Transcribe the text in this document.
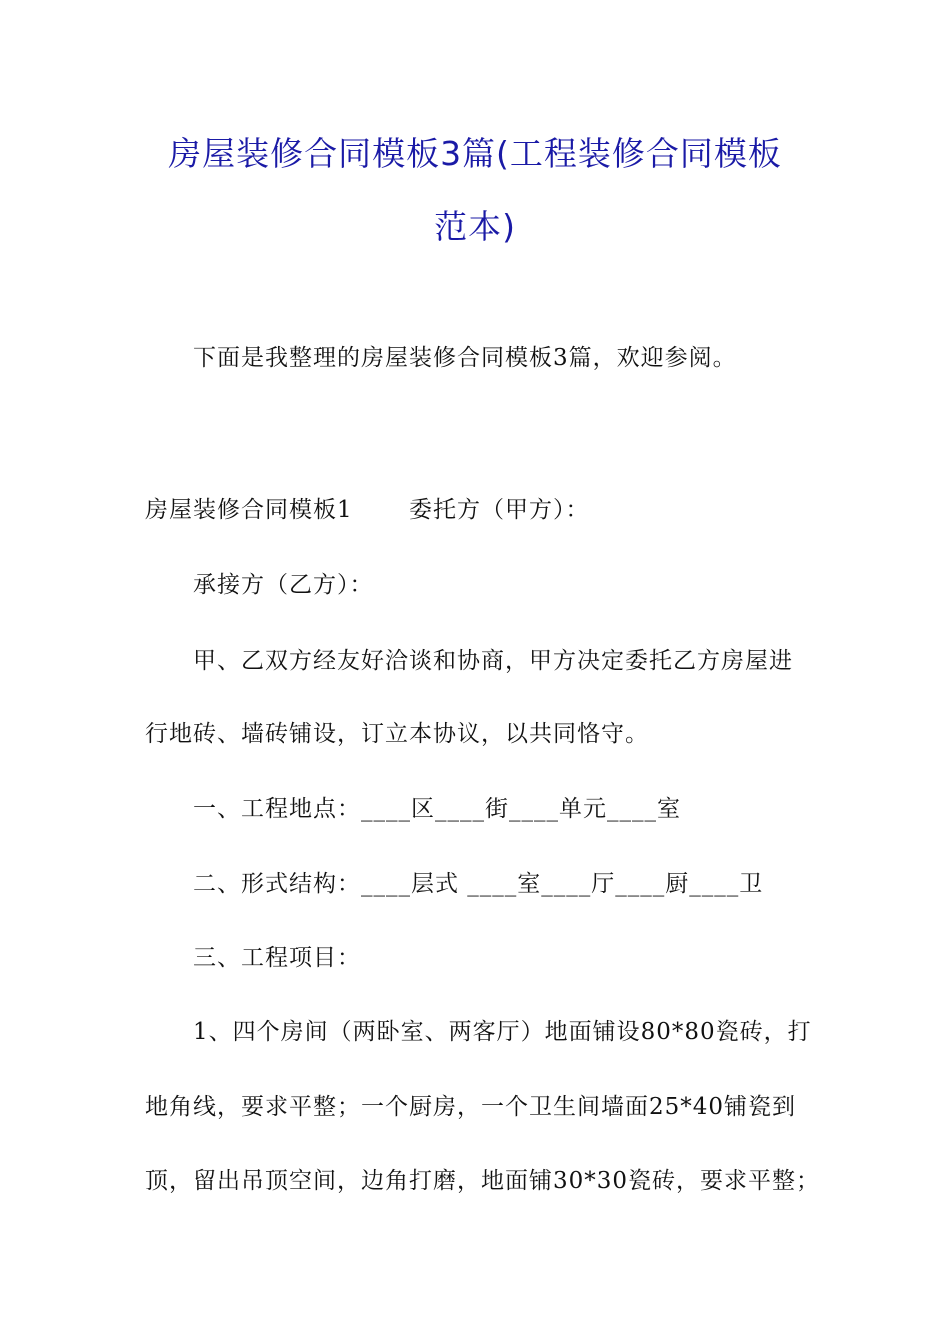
房屋装修合同模板3篇(工程装修合同模板
范本)
下面是我整理的房屋装修合同模板3篇，欢迎参阅。
房屋装修合同模板1　　 委托方（甲方）：
承接方（乙方）：
甲、乙双方经友好洽谈和协商，甲方决定委托乙方房屋进
行地砖、墙砖铺设，订立本协议，以共同恪守。
一、工程地点：____区____街____单元____室
二、形式结构：____层式 ____室____厅____厨____卫
三、工程项目：
1、四个房间（两卧室、两客厅）地面铺设80*80瓷砖，打
地角线，要求平整；一个厨房，一个卫生间墙面25*40铺瓷到
顶，留出吊顶空间，边角打磨，地面铺30*30瓷砖，要求平整；
